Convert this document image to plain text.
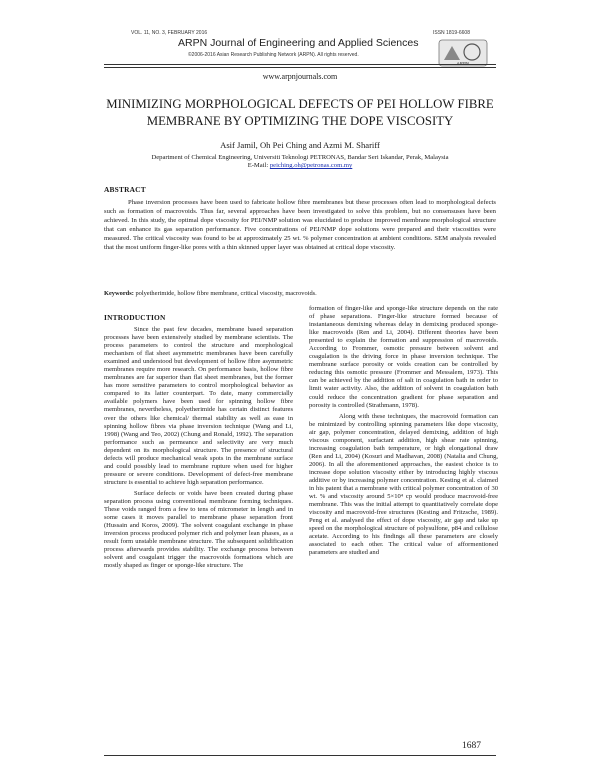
VOL. 11, NO. 3, FEBRUARY 2016	ISSN 1819-6608
ARPN Journal of Engineering and Applied Sciences
©2006-2016 Asian Research Publishing Network (ARPN). All rights reserved.
ARPN
www.arpnjournals.com
MINIMIZING MORPHOLOGICAL DEFECTS OF PEI HOLLOW FIBRE MEMBRANE BY OPTIMIZING THE DOPE VISCOSITY
Asif Jamil, Oh Pei Ching and Azmi M. Shariff
Department of Chemical Engineering, Universiti Teknologi PETRONAS, Bandar Seri Iskandar, Perak, Malaysia
E-Mail: peiching.oh@petronas.com.my
ABSTRACT

Phase inversion processes have been used to fabricate hollow fibre membranes but these processes often lead to morphological defects such as formation of macrovoids. Thus far, several approaches have been investigated to solve this problem, but no consensuses have been achieved. In this study, the optimal dope viscosity for PEI/NMP solution was elucidated to produce improved membrane morphological structure that can enhance its gas separation performance. Five concentrations of PEI/NMP dope solutions were prepared and their viscosities were measured. The critical viscosity was found to be at approximately 25 wt. % polymer concentration at ambient conditions. SEM analysis revealed that the most uniform finger-like pores with a thin skinned upper layer was obtained at critical dope viscosity.

Keywords: polyetherimide, hollow fibre membrane, critical viscosity, macrovoids.
INTRODUCTION

Since the past few decades, membrane based separation processes have been extensively studied by membrane scientists. The process parameters to control the structure and morphological mechanism of flat sheet asymmetric membranes have been carefully examined and understood but development of hollow fibre asymmetric membranes require more research. On performance basis, hollow fibre membranes are far superior than flat sheet membranes, but the former has more sensitive parameters to control morphological behavior as compared to its latter counterpart. To date, many commercially available polymers have been used for spinning hollow fibre membranes, nevertheless, polyetherimide has certain distinct features over the others like chemical/ thermal stability as well as ease in spinning hollow fibres via phase inversion technique (Wang and Li, 1998) (Wang and Teo, 2002) (Chung and Ronald, 1992). The separation performance such as permeance and selectivity are very much dependent on its morphological structure. The presence of structural defects will produce mechanical weak spots in the membrane surface and could possibly lead to membrane rupture when used for higher pressure or severe conditions. Development of defect-free membrane structure is essential to achieve high separation performance.

Surface defects or voids have been created during phase separation process using conventional membrane forming techniques. These voids ranged from a few to tens of micrometer in length and in some cases it moves parallel to membrane phase separation front (Hussain and Koros, 2009). The solvent coagulant exchange in phase inversion process produced polymer rich and polymer lean phases, as a result form unstable membrane structure. The subsequent solidification process afterwards provides stability. The exchange process between solvent and coagulant trigger the macrovoids formations which are mostly shaped as finger or sponge-like structure. The

formation of finger-like and sponge-like structure depends on the rate of phase separations. Finger-like structure formed because of instantaneous demixing whereas delay in demixing produced sponge-like macrovoids (Ren and Li, 2004). Different theories have been presented to explain the formation and suppression of macrovoids. According to Frommer, osmotic pressure between solvent and coagulation is the driving force in phase inversion technique. The membrane surface porosity or voids creation can be controlled by reducing this osmotic pressure (Frommer and Messalem, 1973). This can be achieved by the addition of salt in coagulation bath in order to limit water activity. Also, the addition of solvent in coagulation bath could reduce the concentration gradient for phase separation and porosity is controlled (Strathmann, 1978).

Along with these techniques, the macrovoid formation can be minimized by controlling spinning parameters like dope viscosity, air gap, polymer concentration, delayed demixing, addition of high viscous component, surfactant addition, high shear rate spinning, increasing coagulation bath temperature, or high elongational draw (Ren and Li, 2004) (Kosuri and Madhavan, 2008) (Natalia and Chung, 2006). In all the aforementioned approaches, the easiest choice is to increase dope solution viscosity either by introducing highly viscous additive or by increasing polymer concentration. Kesting et al. claimed in his patent that a membrane with critical polymer concentration of 30 wt. % and viscosity around 5×10⁴ cp would produce macrovoid-free membrane. This was the initial attempt to quantitatively correlate dope viscosity and macrovoid-free structures (Kesting and Fritzsche, 1989). Peng et al. analysed the effect of dope viscosity, air gap and take up speed on the morphological structure of polysulfone, p84 and cellulose acetate. According to his findings all these parameters are closely associated to each other. The critical value of afformentioned parameters are studied and

1687
